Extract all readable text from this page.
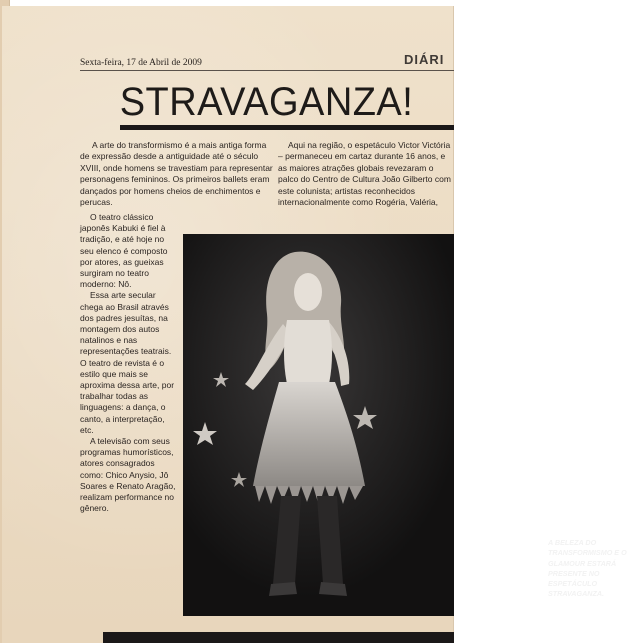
Sexta-feira, 17 de Abril de 2009	DIÁRI
STRAVAGANZA!

A arte do transformismo é a mais antiga forma de expressão desde a antiguidade até o século XVIII, onde homens se travestiam para representar personagens femininos. Os primeiros ballets eram dançados por homens cheios de enchimentos e perucas.

Aqui na região, o espetáculo Victor Victória

– permaneceu em cartaz durante 16 anos, e

as maiores atrações globais revezaram o

palco do Centro de Cultura João Gilberto com

este colunista; artistas reconhecidos

internacionalmente como Rogéria, Valéria,

O teatro clássico japonês Kabuki é fiel à tradição, e até hoje no seu elenco é composto por atores, as gueixas surgiram no teatro moderno: Nô.

Essa arte secular chega ao Brasil através dos padres jesuítas, na montagem dos autos natalinos e nas representações teatrais. O teatro de revista é o estilo que mais se aproxima dessa arte, por trabalhar todas as linguagens: a dança, o canto, a interpretação, etc.

A televisão com seus programas humorísticos, atores consagrados como: Chico Anysio, Jô Soares e Renato Aragão, realizam performance no gênero.

A BELEZA DO TRANSFORMISMO E O GLAMOUR ESTARÁ PRESENTE NO ESPETÁCULO STRAVAGANZA.
